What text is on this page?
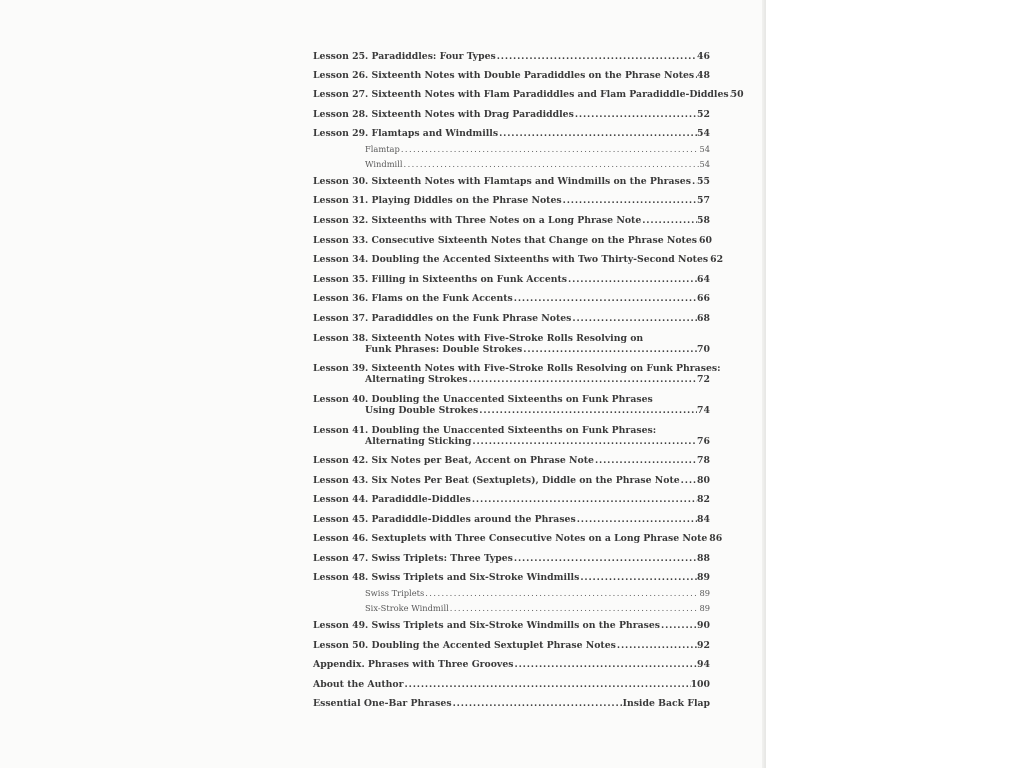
Lesson 25. Paradiddles: Four Types . . .	46
Lesson 26. Sixteenth Notes with Double Paradiddles on the Phrase Notes . . . 48
Lesson 27. Sixteenth Notes with Flam Paradiddles and Flam Paradiddle-Diddles . . . 50
Lesson 28. Sixteenth Notes with Drag Paradiddles . . .	52
Lesson 29. Flamtaps and Windmills . . .	54
Flamtap . . .	54
Windmill . . .	54
Lesson 30. Sixteenth Notes with Flamtaps and Windmills on the Phrases . . . 55
Lesson 31. Playing Diddles on the Phrase Notes . . .	57
Lesson 32. Sixteenths with Three Notes on a Long Phrase Note . . .	58
Lesson 33. Consecutive Sixteenth Notes that Change on the Phrase Notes . . . 60
Lesson 34. Doubling the Accented Sixteenths with Two Thirty-Second Notes . . . 62
Lesson 35. Filling in Sixteenths on Funk Accents . . .	64
Lesson 36. Flams on the Funk Accents . . .	66
Lesson 37. Paradiddles on the Funk Phrase Notes . . .	68
Lesson 38. Sixteenth Notes with Five-Stroke Rolls Resolving on
Funk Phrases: Double Strokes . . .	70
Lesson 39. Sixteenth Notes with Five-Stroke Rolls Resolving on Funk Phrases:
Alternating Strokes . . .	72
Lesson 40. Doubling the Unaccented Sixteenths on Funk Phrases
Using Double Strokes . . .	74
Lesson 41. Doubling the Unaccented Sixteenths on Funk Phrases:
Alternating Sticking . . .	76
Lesson 42. Six Notes per Beat, Accent on Phrase Note . . .	78
Lesson 43. Six Notes Per Beat (Sextuplets), Diddle on the Phrase Note . . . 80
Lesson 44. Paradiddle-Diddles . . .	82
Lesson 45. Paradiddle-Diddles around the Phrases . . .	84
Lesson 46. Sextuplets with Three Consecutive Notes on a Long Phrase Note . . . 86
Lesson 47. Swiss Triplets: Three Types . . .	88
Lesson 48. Swiss Triplets and Six-Stroke Windmills . . .	89
Swiss Triplets . . .	89
Six-Stroke Windmill . . .	89
Lesson 49. Swiss Triplets and Six-Stroke Windmills on the Phrases . . .	90
Lesson 50. Doubling the Accented Sextuplet Phrase Notes . . .	92
Appendix. Phrases with Three Grooves . . .	94
About the Author . . .	100
Essential One-Bar Phrases . . .	Inside Back Flap
